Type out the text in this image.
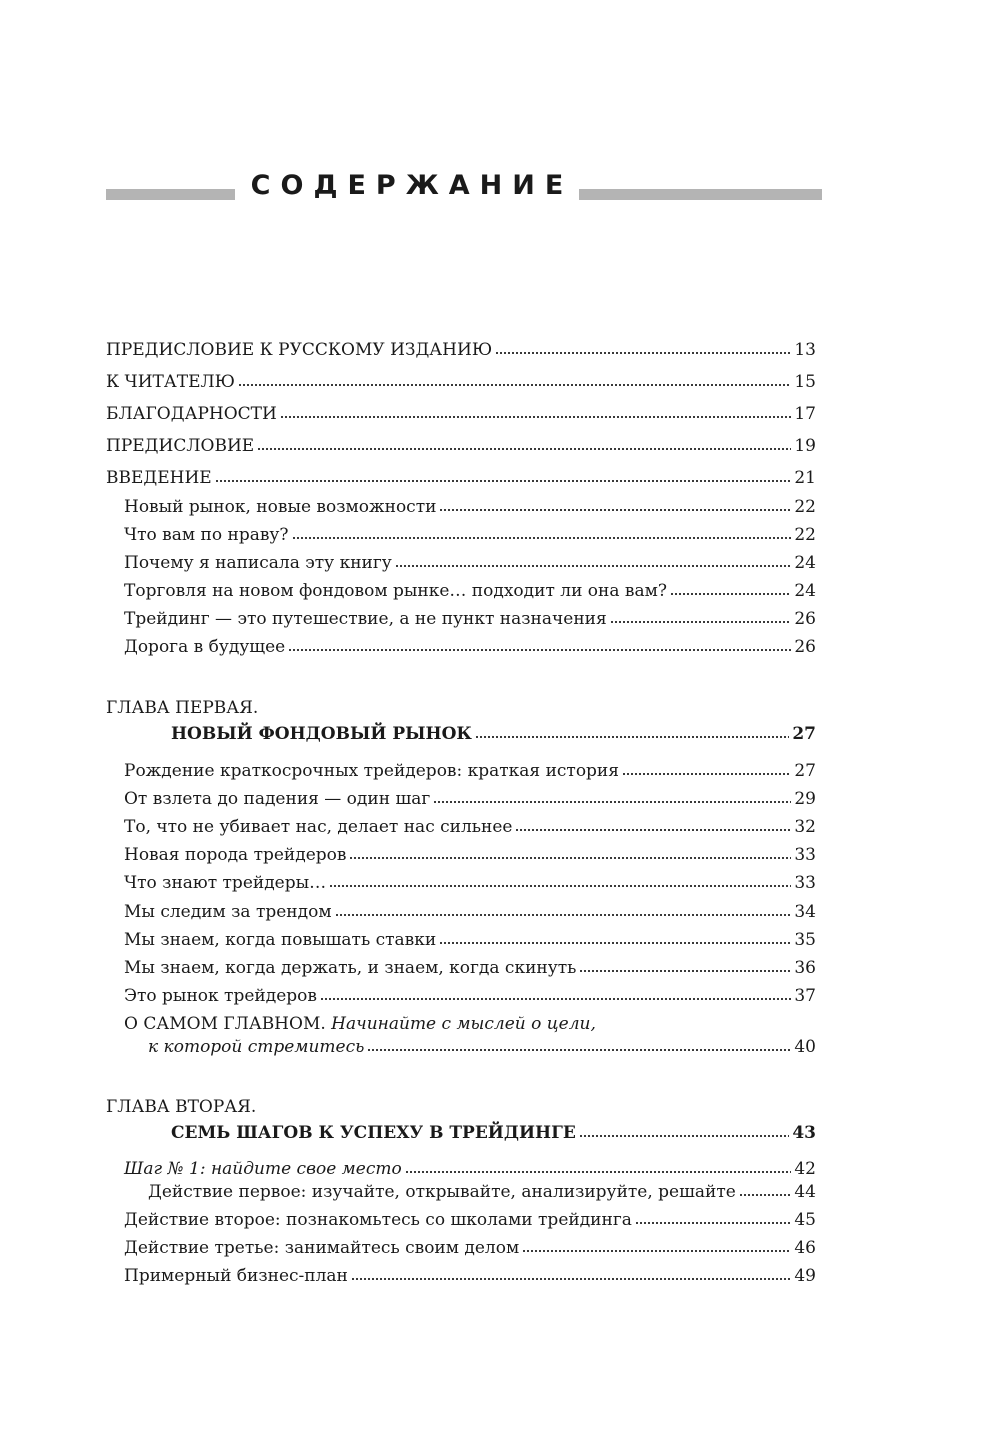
СОДЕРЖАНИЕ
ПРЕДИСЛОВИЕ К РУССКОМУ ИЗДАНИЮ	13
К ЧИТАТЕЛЮ	15
БЛАГОДАРНОСТИ	17
ПРЕДИСЛОВИЕ	19
ВВЕДЕНИЕ	21
Новый рынок, новые возможности	22
Что вам по нраву?	22
Почему я написала эту книгу	24
Торговля на новом фондовом рынке… подходит ли она вам?	24
Трейдинг — это путешествие, а не пункт назначения	26
Дорога в будущее	26
ГЛАВА ПЕРВАЯ.
НОВЫЙ ФОНДОВЫЙ РЫНОК	27
Рождение краткосрочных трейдеров: краткая история	27
От взлета до падения — один шаг	29
То, что не убивает нас, делает нас сильнее	32
Новая порода трейдеров	33
Что знают трейдеры…	33
Мы следим за трендом	34
Мы знаем, когда повышать ставки	35
Мы знаем, когда держать, и знаем, когда скинуть	36
Это рынок трейдеров	37
О САМОМ ГЛАВНОМ. Начинайте с мыслей о цели,
к которой стремитесь	40
ГЛАВА ВТОРАЯ.
СЕМЬ ШАГОВ К УСПЕХУ В ТРЕЙДИНГЕ	43
Шаг № 1: найдите свое место	42
Действие первое: изучайте, открывайте, анализируйте, решайте	44
Действие второе: познакомьтесь со школами трейдинга	45
Действие третье: занимайтесь своим делом	46
Примерный бизнес-план	49
